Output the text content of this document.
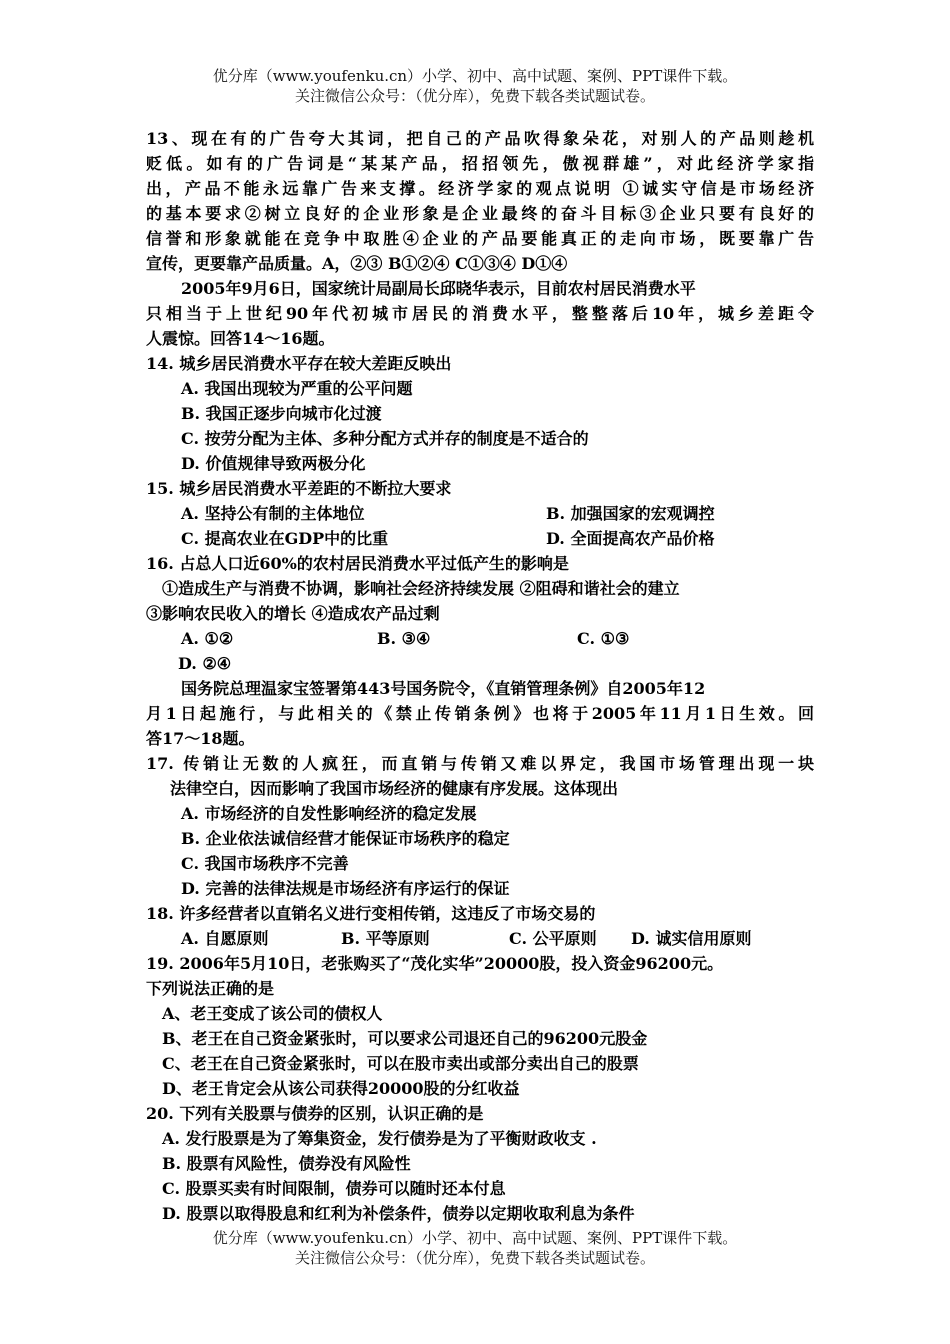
优分库（www.youfenku.cn）小学、初中、高中试题、案例、PPT课件下载。
关注微信公众号：（优分库），免费下载各类试题试卷。
13、现在有的广告夸大其词，把自己的产品吹得象朵花，对别人的产品则趁机
贬低。如有的广告词是“某某产品，招招领先，傲视群雄”，对此经济学家指
出，产品不能永远靠广告来支撑。经济学家的观点说明 ①诚实守信是市场经济
的基本要求②树立良好的企业形象是企业最终的奋斗目标③企业只要有良好的
信誉和形象就能在竞争中取胜④企业的产品要能真正的走向市场，既要靠广告
宣传，更要靠产品质量。A，②③ B①②④ C①③④ D①④
2005年9月6日，国家统计局副局长邱晓华表示，目前农村居民消费水平
只相当于上世纪90年代初城市居民的消费水平，整整落后10年，城乡差距令
人震惊。回答14～16题。
14. 城乡居民消费水平存在较大差距反映出
A. 我国出现较为严重的公平问题
B. 我国正逐步向城市化过渡
C. 按劳分配为主体、多种分配方式并存的制度是不适合的
D. 价值规律导致两极分化
15. 城乡居民消费水平差距的不断拉大要求
A. 坚持公有制的主体地位	B. 加强国家的宏观调控
C. 提高农业在GDP中的比重	D. 全面提高农产品价格
16. 占总人口近60%的农村居民消费水平过低产生的影响是
①造成生产与消费不协调，影响社会经济持续发展 ②阻碍和谐社会的建立
③影响农民收入的增长 ④造成农产品过剩
A. ①②	B. ③④	C. ①③
D. ②④
国务院总理温家宝签署第443号国务院令，《直销管理条例》自2005年12
月1日起施行，与此相关的《禁止传销条例》也将于2005年11月1日生效。回
答17～18题。
17. 传销让无数的人疯狂，而直销与传销又难以界定，我国市场管理出现一块
法律空白，因而影响了我国市场经济的健康有序发展。这体现出
A. 市场经济的自发性影响经济的稳定发展
B. 企业依法诚信经营才能保证市场秩序的稳定
C. 我国市场秩序不完善
D. 完善的法律法规是市场经济有序运行的保证
18. 许多经营者以直销名义进行变相传销，这违反了市场交易的
A. 自愿原则	B. 平等原则	C. 公平原则	D. 诚实信用原则
19. 2006年5月10日，老张购买了“茂化实华”20000股，投入资金96200元。
下列说法正确的是
A、老王变成了该公司的债权人
B、老王在自己资金紧张时，可以要求公司退还自己的96200元股金
C、老王在自己资金紧张时，可以在股市卖出或部分卖出自己的股票
D、老王肯定会从该公司获得20000股的分红收益
20. 下列有关股票与债券的区别，认识正确的是
A. 发行股票是为了筹集资金，发行债券是为了平衡财政收支 .
B. 股票有风险性，债券没有风险性
C. 股票买卖有时间限制，债券可以随时还本付息
D. 股票以取得股息和红利为补偿条件，债券以定期收取利息为条件
优分库（www.youfenku.cn）小学、初中、高中试题、案例、PPT课件下载。
关注微信公众号：（优分库），免费下载各类试题试卷。
